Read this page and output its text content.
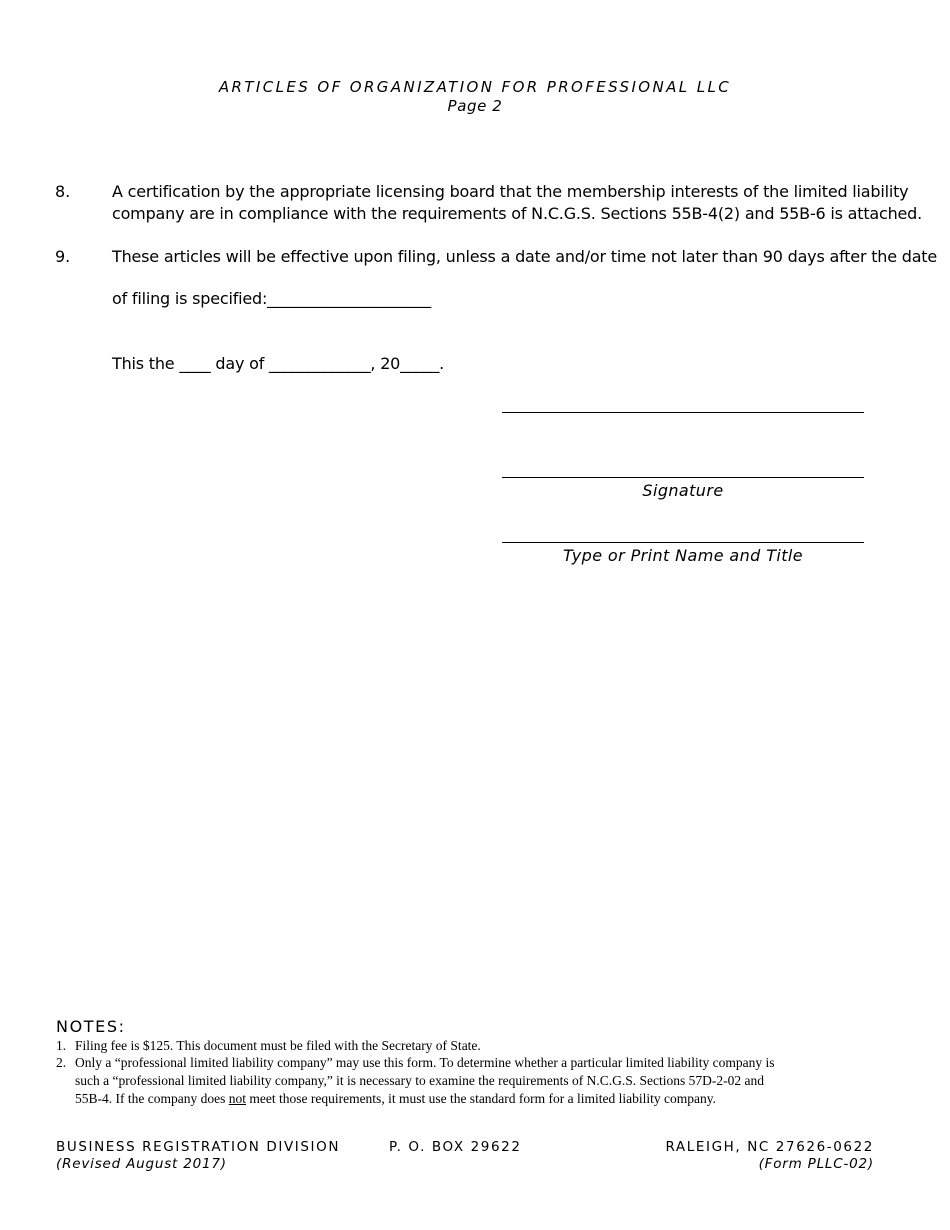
ARTICLES OF ORGANIZATION FOR PROFESSIONAL LLC
Page 2
8.	A certification by the appropriate licensing board that the membership interests of the limited liability
company are in compliance with the requirements of N.C.G.S. Sections 55B-4(2) and 55B-6 is attached.
9.	These articles will be effective upon filing, unless a date and/or time not later than 90 days after the date
of filing is specified:_____________________
This the ____ day of _____________, 20_____.
Signature
Type or Print Name and Title
NOTES:
1. Filing fee is $125. This document must be filed with the Secretary of State.
2. Only a “professional limited liability company” may use this form. To determine whether a particular limited liability company is
such a “professional limited liability company,” it is necessary to examine the requirements of N.C.G.S. Sections 57D-2-02 and
55B-4. If the company does not meet those requirements, it must use the standard form for a limited liability company.
BUSINESS REGISTRATION DIVISION	P. O. BOX 29622	RALEIGH, NC 27626-0622
(Revised August 2017)	(Form PLLC-02)
